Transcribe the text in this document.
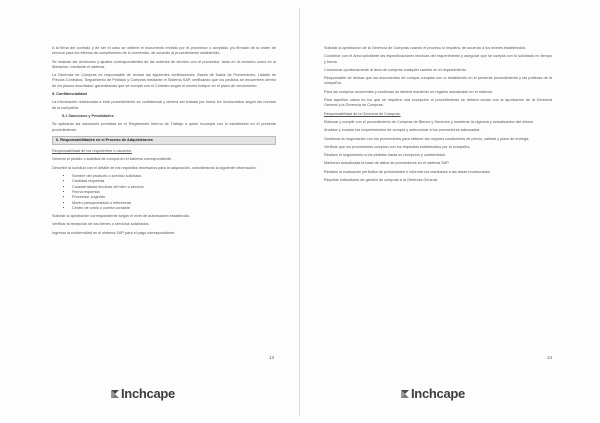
A la firma del contrato y de ser el caso se obtiene el documento emitido por el proveedor o aceptado y/o firmado de la orden de servicio para los efectos de cumplimiento de lo convenido, de acuerdo al procedimiento establecido.

Se realizan las revisiones y ajustes correspondientes de las ordenes de servicio con el proveedor, tanto en la creación como en la liberación, mediante el sistema.

La Gerencia de Compras es responsable de revisar las siguientes verificaciones: Bases de Datos de Proveedores, Listado de Precios Contratos, Seguimiento de Pedidos y Compras mediante el Sistema SAP, verificando que los pedidos se encuentren dentro de los plazos acordados; garantizando que se cumpla con el Contrato según el mismo indique en el plazo de vencimiento.

5. Confidencialidad

La información relacionada a este procedimiento es confidencial y deberá ser tratada por todos los involucrados según las normas de la compañía.

5.1 Sanciones y Penalidades

Se aplicarán las sanciones previstas en el Reglamento Interno de Trabajo a quien incumpla con lo establecido en el presente procedimiento.

6. Responsabilidades en el Proceso de Adquisiciones

Responsabilidad de los requirientes o usuarios:

Generar el pedido o solicitud de compra en el sistema correspondiente.

Describir la solicitud con el detalle de los requisitos necesarios para la adquisición, considerando la siguiente información:

▪ Nombre del producto o servicio solicitado
▪ Cantidad requerida
▪ Características técnicas del bien o servicio
▪ Fecha requerida
▪ Proveedor sugerido
▪ Monto presupuestado o referencial
▪ Centro de costo o cuenta contable

Solicitar la aprobación correspondiente según el nivel de autorización establecido.

Verificar la recepción de los bienes o servicios solicitados.

Ingresar la conformidad en el sistema SAP para el pago correspondiente.

13
Inchcape

Solicitar la aprobación de la Gerencia de Compras cuando el proceso lo requiera, de acuerdo a los niveles establecidos.

Coordinar con el área solicitante las especificaciones técnicas del requerimiento y asegurar que se cumpla con lo solicitado en tiempo y forma.

Comunicar oportunamente al área de compras cualquier cambio en el requerimiento.

Responsable de revisar que los documentos de compra cumplan con lo establecido en el presente procedimiento y las políticas de la compañía.

Para las compras recurrentes y continuas se deberá mantener un registro actualizado en el sistema.

Para aquellos casos en los que se requiera una excepción al procedimiento se deberá contar con la aprobación de la Gerencia General y la Gerencia de Compras.

Responsabilidad de la Gerencia de Compras:

Elaborar y cumplir con el procedimiento de Compras de Bienes y Servicios y mantener la vigencia y actualización del mismo.

Analizar y evaluar los requerimientos de compra y seleccionar a los proveedores adecuados.

Gestionar la negociación con los proveedores para obtener las mejores condiciones de precio, calidad y plazo de entrega.

Verificar que los proveedores cumplan con los requisitos establecidos por la compañía.

Realizar el seguimiento a los pedidos hasta su recepción y conformidad.

Mantener actualizada la base de datos de proveedores en el sistema SAP.

Realizar la evaluación periódica de proveedores e informar los resultados a las áreas involucradas.

Reportar indicadores de gestión de compras a la Gerencia General.

14
Inchcape
